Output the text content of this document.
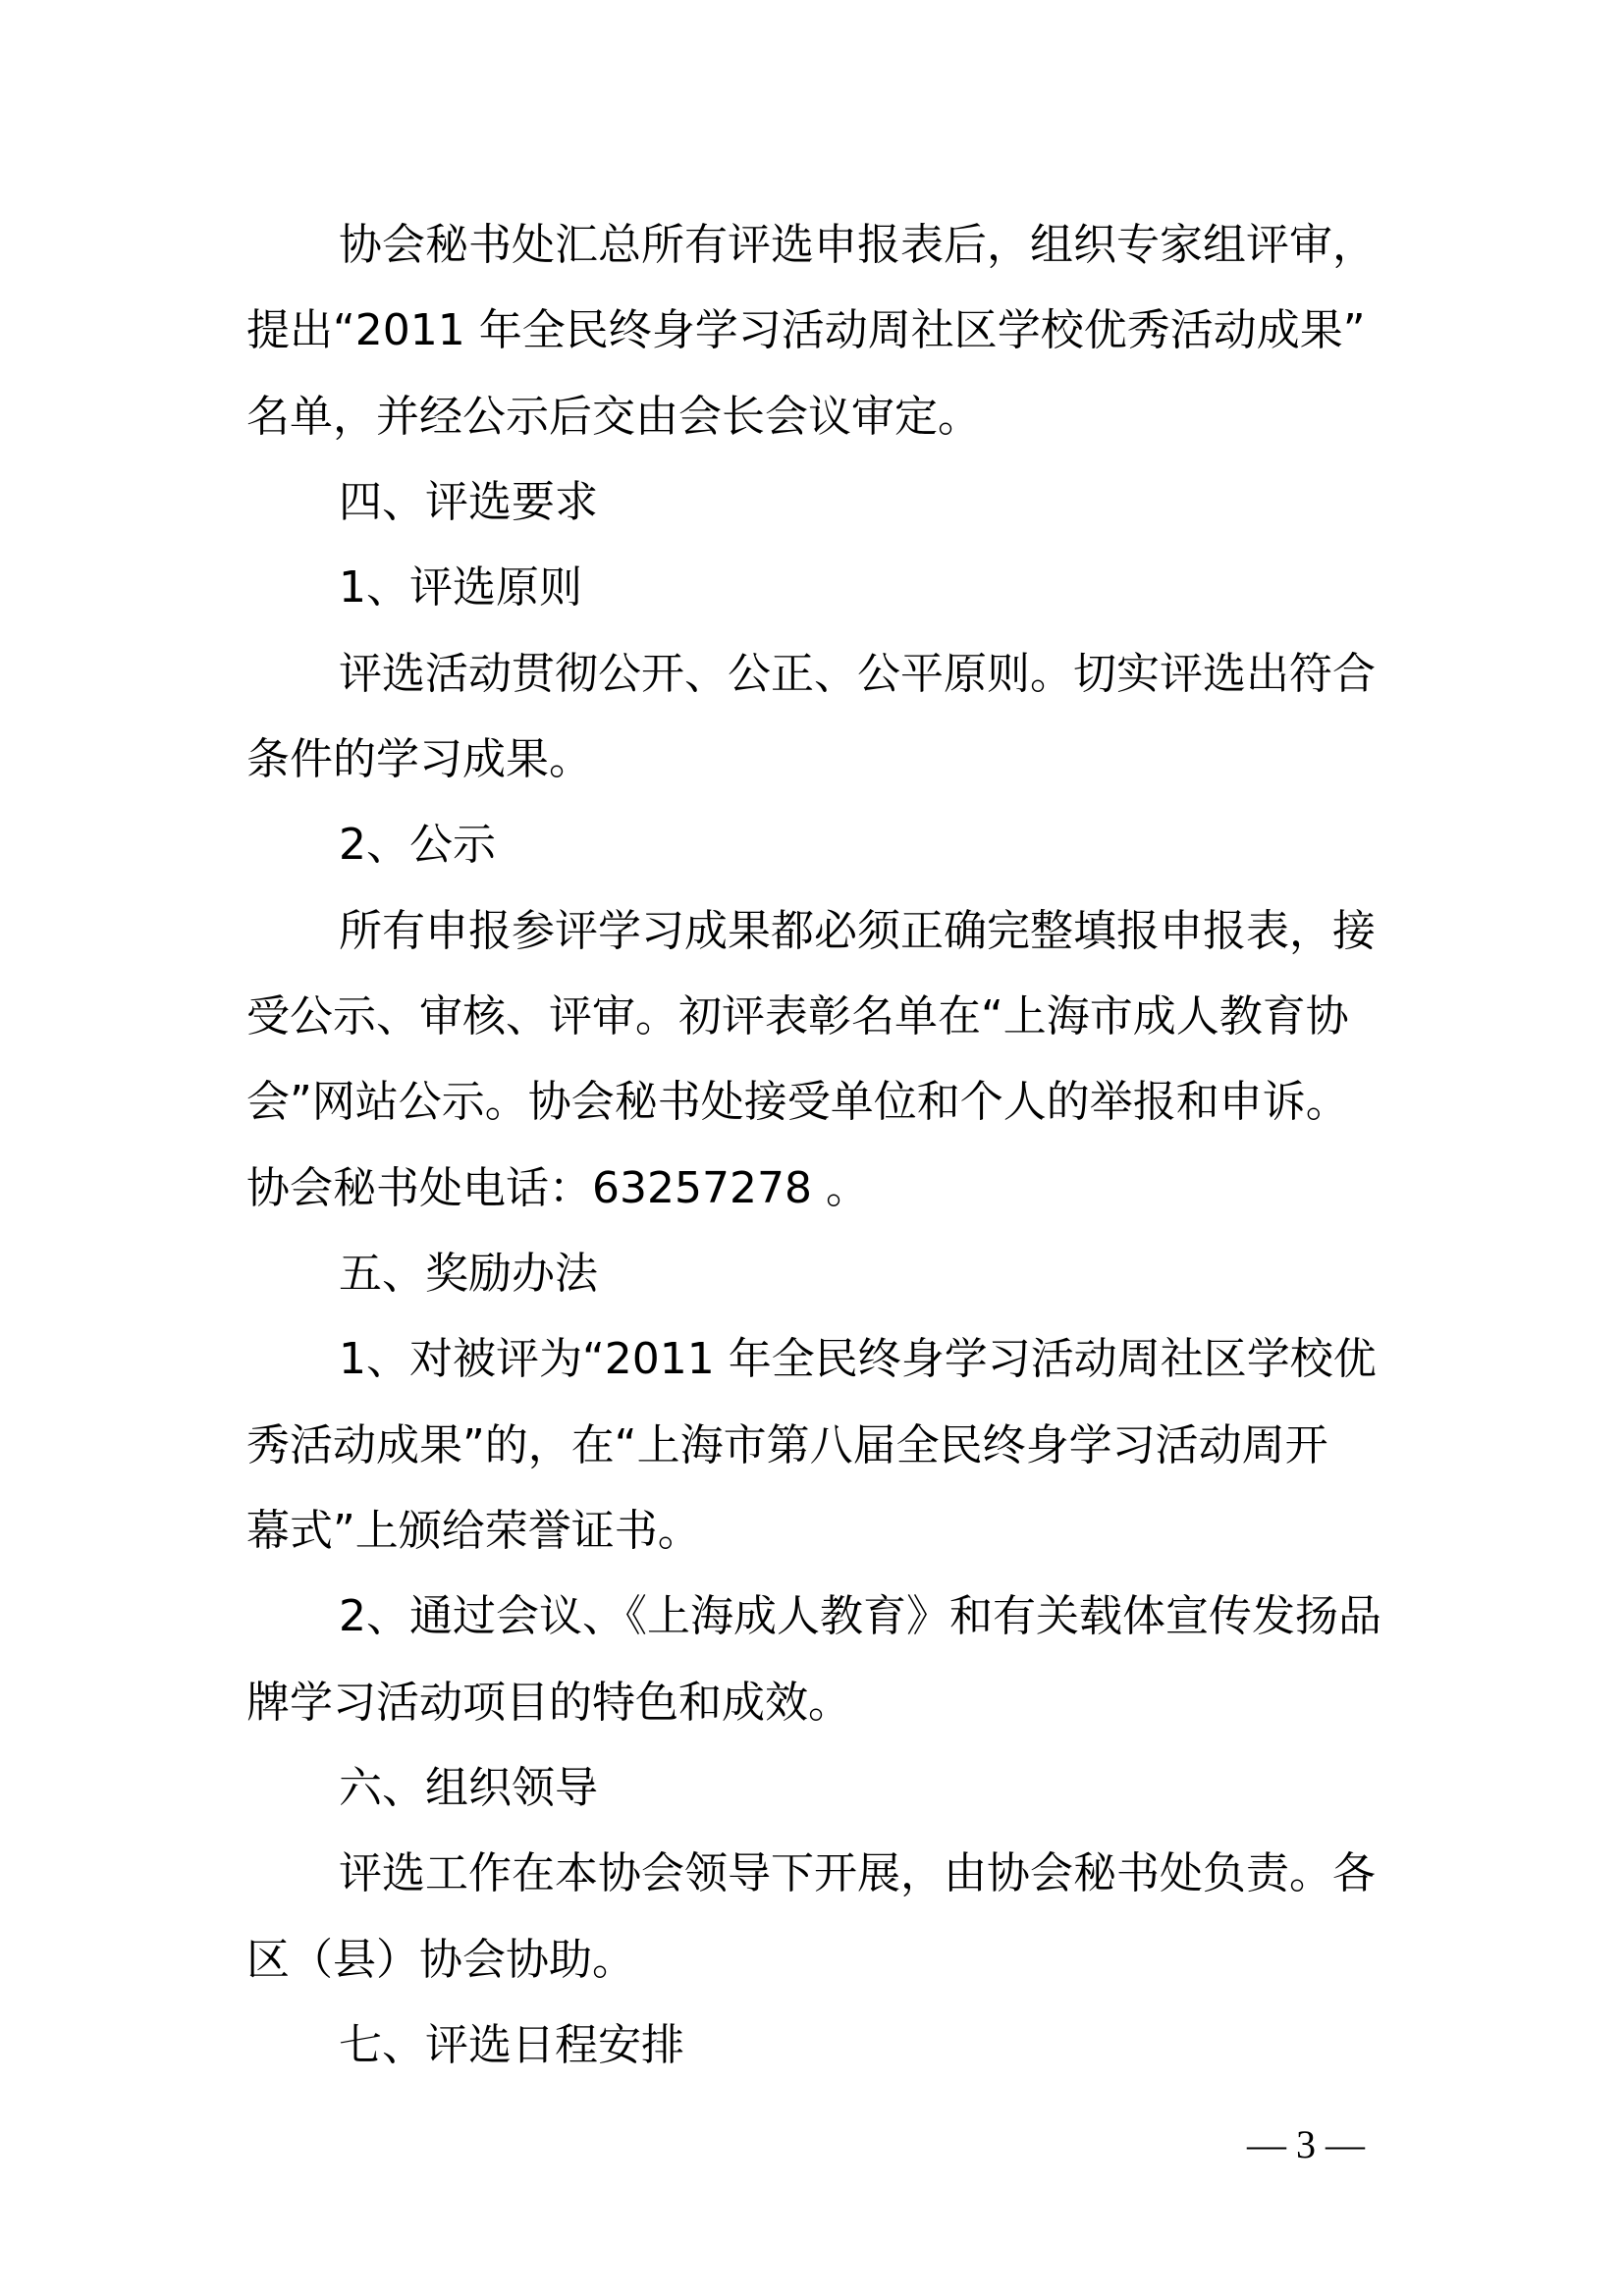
协会秘书处汇总所有评选申报表后，组织专家组评审，
提出“2011 年全民终身学习活动周社区学校优秀活动成果”
名单，并经公示后交由会长会议审定。
四、评选要求
1、评选原则
评选活动贯彻公开、公正、公平原则。切实评选出符合
条件的学习成果。
2、公示
所有申报参评学习成果都必须正确完整填报申报表，接
受公示、审核、评审。初评表彰名单在“上海市成人教育协
会”网站公示。协会秘书处接受单位和个人的举报和申诉。
协会秘书处电话：63257278 。
五、奖励办法
1、对被评为“2011 年全民终身学习活动周社区学校优
秀活动成果”的，在“上海市第八届全民终身学习活动周开
幕式”上颁给荣誉证书。
2、通过会议、《上海成人教育》和有关载体宣传发扬品
牌学习活动项目的特色和成效。
六、组织领导
评选工作在本协会领导下开展，由协会秘书处负责。各
区（县）协会协助。
七、评选日程安排
— 3 —
